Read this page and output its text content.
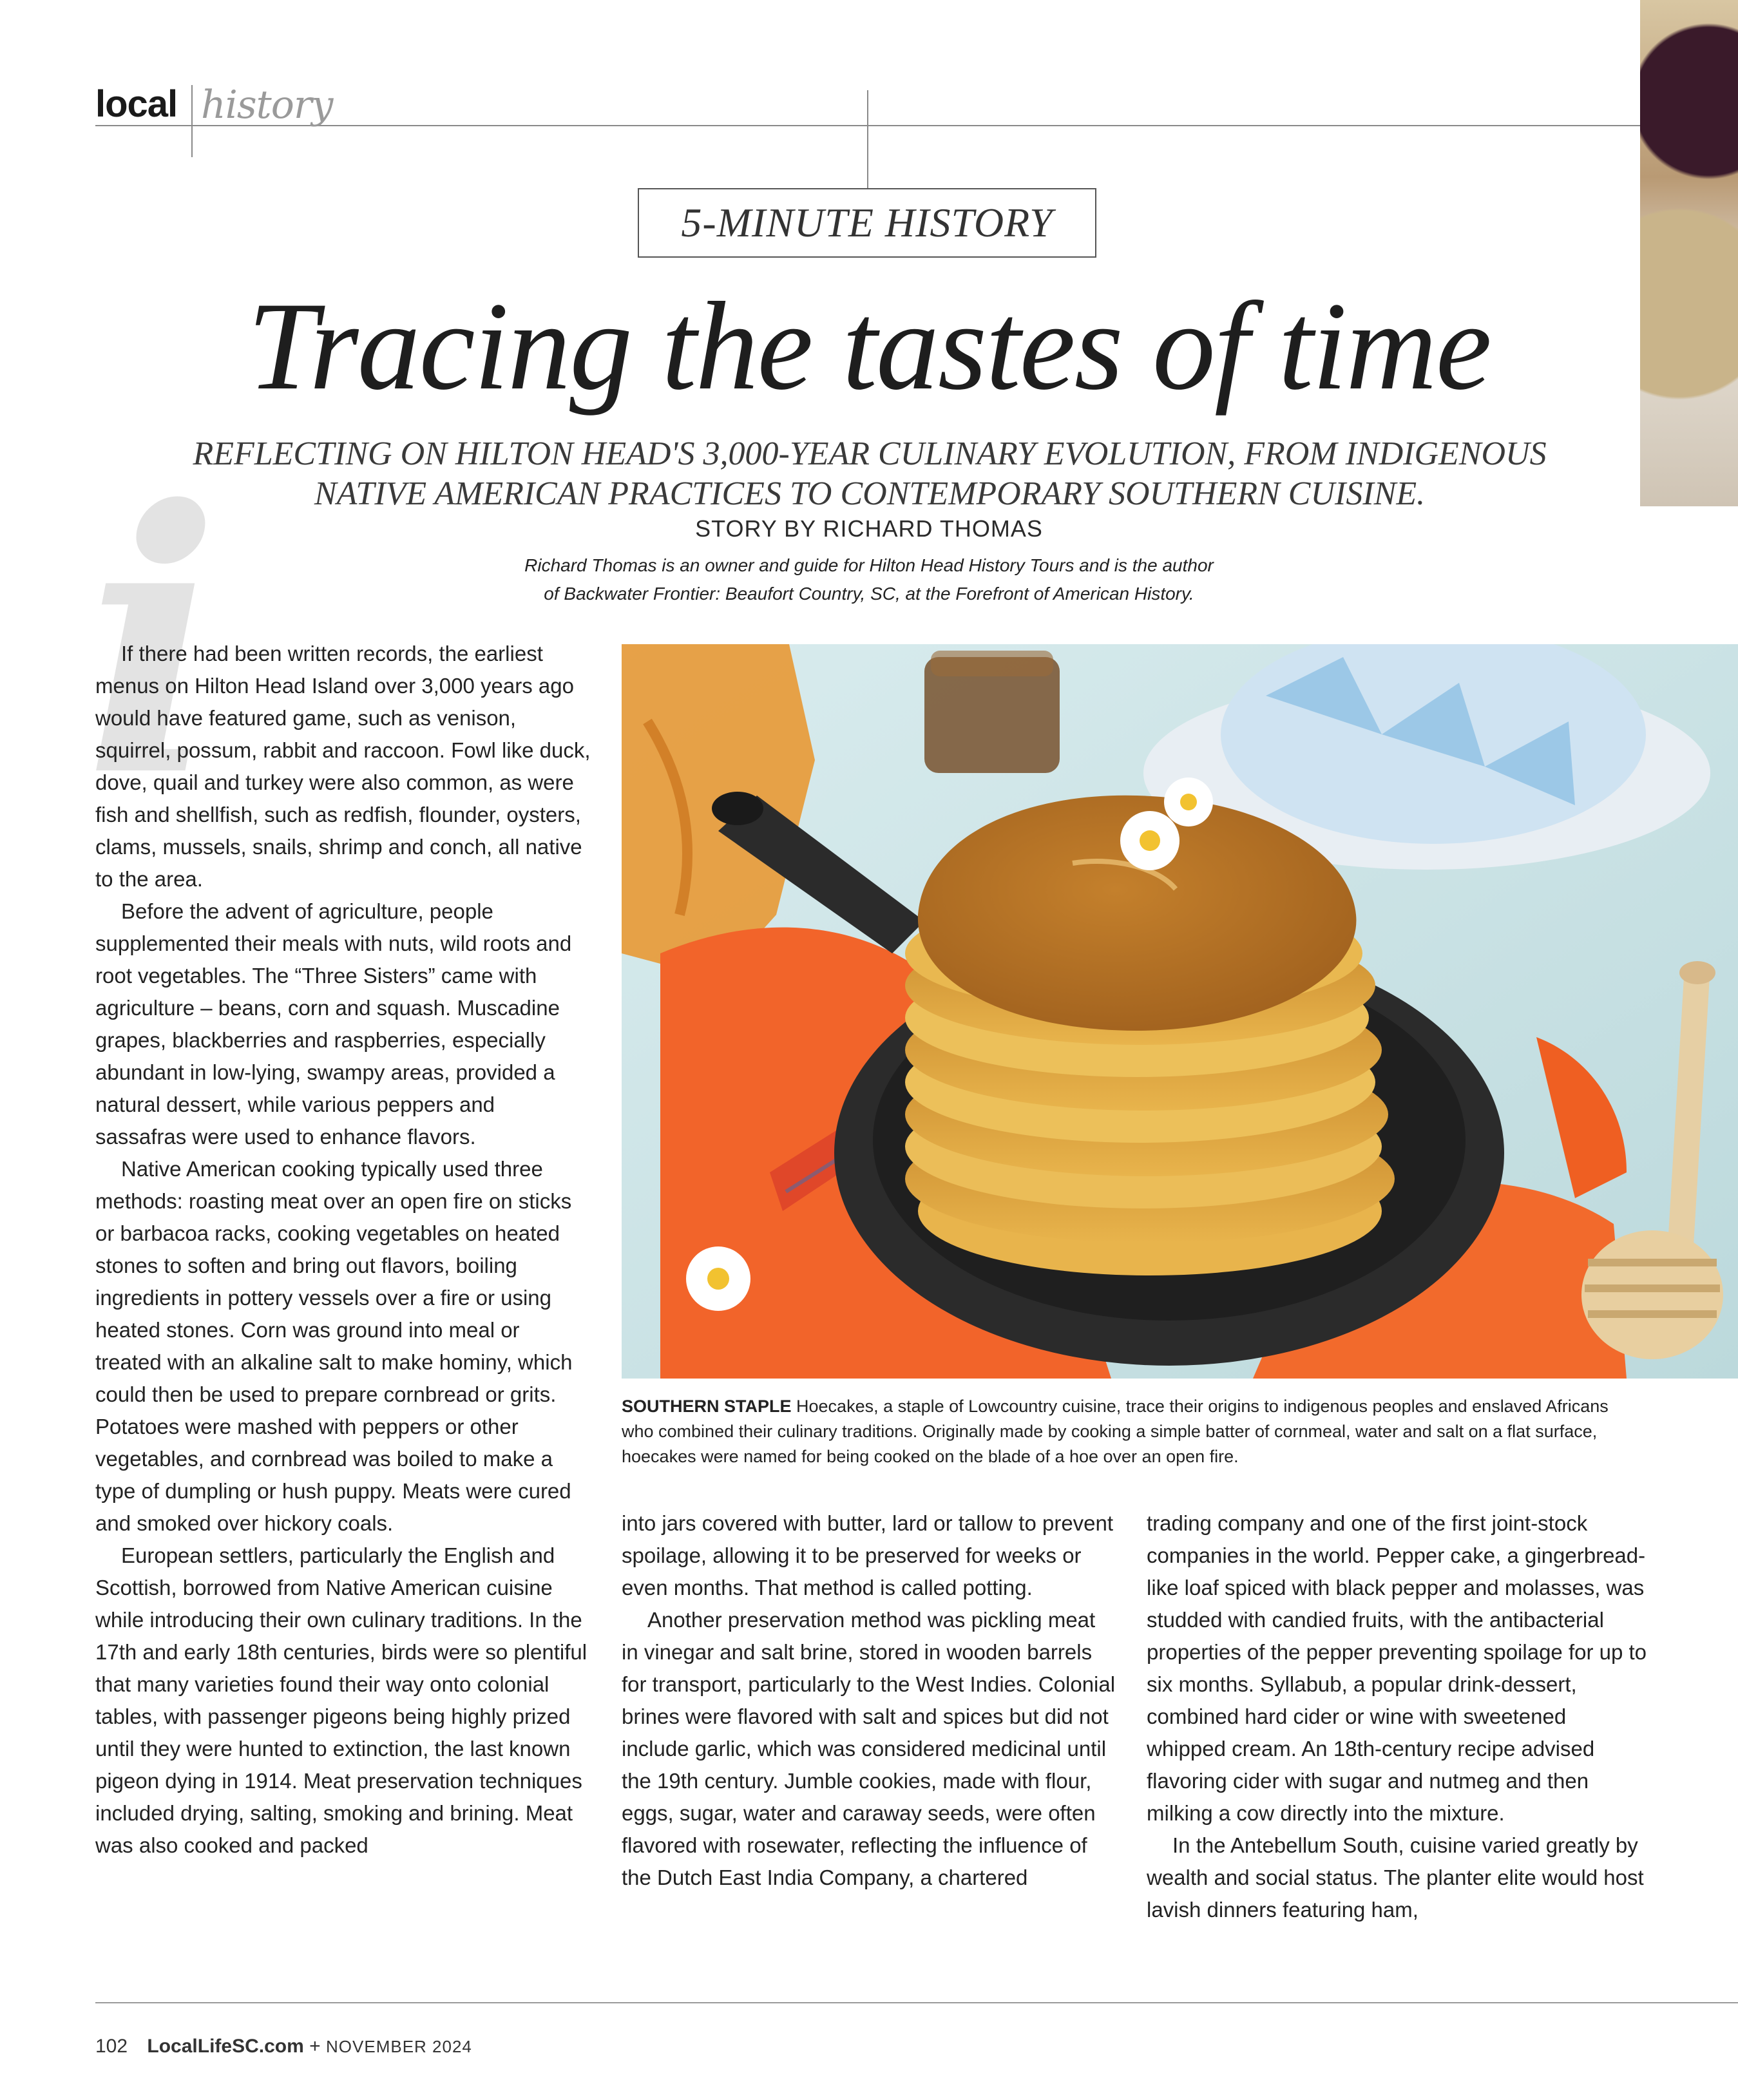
local history
5-MINUTE HISTORY
Tracing the tastes of time
REFLECTING ON HILTON HEAD'S 3,000-YEAR CULINARY EVOLUTION, FROM INDIGENOUS
NATIVE AMERICAN PRACTICES TO CONTEMPORARY SOUTHERN CUISINE.
STORY BY RICHARD THOMAS
Richard Thomas is an owner and guide for Hilton Head History Tours and is the author
of Backwater Frontier: Beaufort Country, SC, at the Forefront of American History.
i

If there had been written records, the earliest menus on Hilton Head Island over 3,000 years ago would have featured game, such as venison, squirrel, possum, rabbit and raccoon. Fowl like duck, dove, quail and turkey were also common, as were fish and shellfish, such as redfish, flounder, oysters, clams, mussels, snails, shrimp and conch, all native to the area.

Before the advent of agriculture, people supplemented their meals with nuts, wild roots and root vegetables. The “Three Sisters” came with agriculture – beans, corn and squash. Muscadine grapes, blackberries and raspberries, especially abundant in low-lying, swampy areas, provided a natural dessert, while various peppers and sassafras were used to enhance flavors.

Native American cooking typically used three methods: roasting meat over an open fire on sticks or barbacoa racks, cooking vegetables on heated stones to soften and bring out flavors, boiling ingredients in pottery vessels over a fire or using heated stones. Corn was ground into meal or treated with an alkaline salt to make hominy, which could then be used to prepare cornbread or grits. Potatoes were mashed with peppers or other vegetables, and cornbread was boiled to make a type of dumpling or hush puppy. Meats were cured and smoked over hickory coals.

European settlers, particularly the English and Scottish, borrowed from Native American cuisine while introducing their own culinary traditions. In the 17th and early 18th centuries, birds were so plentiful that many varieties found their way onto colonial tables, with passenger pigeons being highly prized until they were hunted to extinction, the last known pigeon dying in 1914. Meat preservation techniques included drying, salting, smoking and brining. Meat was also cooked and packed

SOUTHERN STAPLE Hoecakes, a staple of Lowcountry cuisine, trace their origins to indigenous peoples and enslaved Africans who combined their culinary traditions. Originally made by cooking a simple batter of cornmeal, water and salt on a flat surface, hoecakes were named for being cooked on the blade of a hoe over an open fire.

into jars covered with butter, lard or tallow to prevent spoilage, allowing it to be preserved for weeks or even months. That method is called potting.

Another preservation method was pickling meat in vinegar and salt brine, stored in wooden barrels for transport, particularly to the West Indies. Colonial brines were flavored with salt and spices but did not include garlic, which was considered medicinal until the 19th century. Jumble cookies, made with flour, eggs, sugar, water and caraway seeds, were often flavored with rosewater, reflecting the influence of the Dutch East India Company, a chartered

trading company and one of the first joint-stock companies in the world. Pepper cake, a gingerbread-like loaf spiced with black pepper and molasses, was studded with candied fruits, with the antibacterial properties of the pepper preventing spoilage for up to six months. Syllabub, a popular drink-dessert, combined hard cider or wine with sweetened whipped cream. An 18th-century recipe advised flavoring cider with sugar and nutmeg and then milking a cow directly into the mixture.

In the Antebellum South, cuisine varied greatly by wealth and social status. The planter elite would host lavish dinners featuring ham,

102 LocalLifeSC.com + NOVEMBER 2024
